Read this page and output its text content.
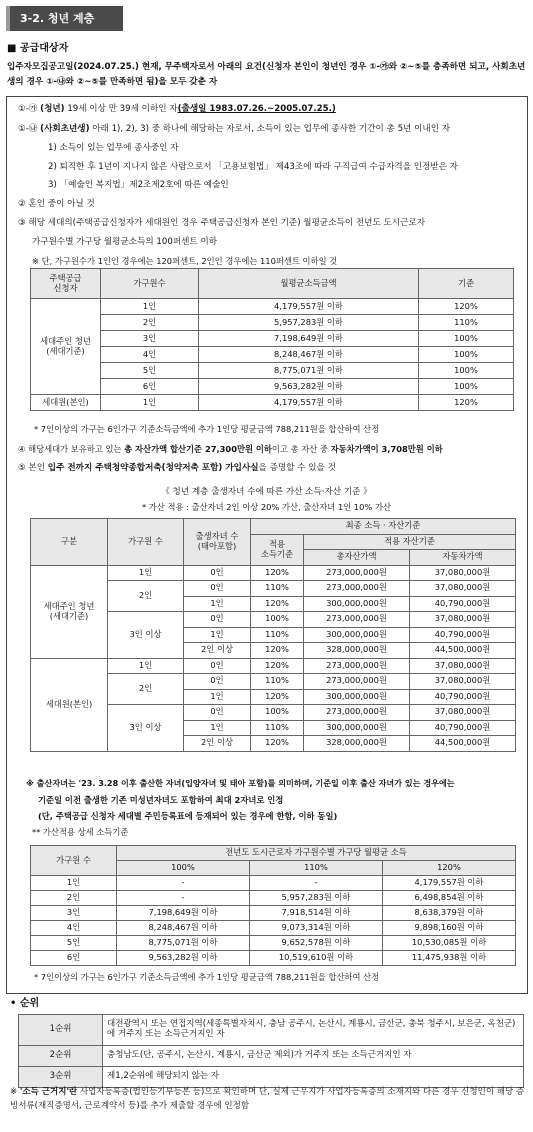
3-2. 청년 계층
■ 공급대상자
입주자모집공고일(2024.07.25.) 현재, 무주택자로서 아래의 요건(신청자 본인이 청년인 경우 ①-㉮와 ②~⑤를 충족하면 되고, 사회초년생의 경우 ①-㉯와 ②~⑤를 만족하면 됨)을 모두 갖춘 자
①-㉮ (청년) 19세 이상 만 39세 이하인 자(출생일 1983.07.26.~2005.07.25.)
①-㉯ (사회초년생) 아래 1), 2), 3) 중 하나에 해당하는 자로서, 소득이 있는 업무에 종사한 기간이 총 5년 이내인 자
1) 소득이 있는 업무에 종사중인 자
2) 퇴직한 후 1년이 지나지 않은 사람으로서 「고용보험법」 제43조에 따라 구직급여 수급자격을 인정받은 자
3) 「예술인 복지법」제2조제2호에 따른 예술인
② 혼인 중이 아닐 것
③ 해당 세대의(주택공급신청자가 세대원인 경우 주택공급신청자 본인 기준) 월평균소득이 전년도 도시근로자
가구원수별 가구당 월평균소득의 100퍼센트 이하
※ 단, 가구원수가 1인인 경우에는 120퍼센트, 2인인 경우에는 110퍼센트 이하일 것
주택공급
신청자	가구원수	월평균소득금액	기준
세대주인 청년
(세대기준)	1인	4,179,557원 이하	120%
	2인	5,957,283원 이하	110%
	3인	7,198,649원 이하	100%
	4인	8,248,467원 이하	100%
	5인	8,775,071원 이하	100%
	6인	9,563,282원 이하	100%
세대원(본인)	1인	4,179,557원 이하	120%
* 7인이상의 가구는 6인가구 기준소득금액에 추가 1인당 평균금액 788,211원을 합산하여 산정
④ 해당세대가 보유하고 있는 총 자산가액 합산기준 27,300만원 이하이고 총 자산 중 자동차가액이 3,708만원 이하
⑤ 본인 입주 전까지 주택청약종합저축(청약저축 포함) 가입사실을 증명할 수 있을 것
《 청년 계층 출생자녀 수에 따른 가산 소득·자산 기준 》
* 가산 적용 : 출산자녀 2인 이상 20% 가산, 출산자녀 1인 10% 가산
구분	가구원 수	출생자녀 수
(태아포함)	최종 소득 · 자산기준		
			적용
소득기준	적용 자산기준	
				총자산가액	자동차가액
세대주인 청년
(세대기준)	1인	0인	120%	273,000,000원	37,080,000원
	2인	0인	110%	273,000,000원	37,080,000원
		1인	120%	300,000,000원	40,790,000원
	3인 이상	0인	100%	273,000,000원	37,080,000원
		1인	110%	300,000,000원	40,790,000원
		2인 이상	120%	328,000,000원	44,500,000원
세대원(본인)	1인	0인	120%	273,000,000원	37,080,000원
	2인	0인	110%	273,000,000원	37,080,000원
		1인	120%	300,000,000원	40,790,000원
	3인 이상	0인	100%	273,000,000원	37,080,000원
		1인	110%	300,000,000원	40,790,000원
		2인 이상	120%	328,000,000원	44,500,000원
※ 출산자녀는 '23. 3.28 이후 출산한 자녀(입양자녀 및 태아 포함)를 의미하며, 기준일 이후 출산 자녀가 있는 경우에는
기준일 이전 출생한 기존 미성년자녀도 포함하여 최대 2자녀로 인정
(단, 주택공급 신청자 세대별 주민등록표에 등재되어 있는 경우에 한함, 이하 동일)
** 가산적용 상세 소득기준
가구원 수	전년도 도시근로자 가구원수별 가구당 월평균 소득		
	100%	110%	120%
1인	-	-	4,179,557원 이하
2인	-	5,957,283원 이하	6,498,854원 이하
3인	7,198,649원 이하	7,918,514원 이하	8,638,379원 이하
4인	8,248,467원 이하	9,073,314원 이하	9,898,160원 이하
5인	8,775,071원 이하	9,652,578원 이하	10,530,085원 이하
6인	9,563,282원 이하	10,519,610원 이하	11,475,938원 이하
* 7인이상의 가구는 6인가구 기준소득금액에 추가 1인당 평균금액 788,211원을 합산하여 산정
• 순위
1순위	대전광역시 또는 연접지역(세종특별자치시, 충남 공주시, 논산시, 계룡시, 금산군, 충북 청주시, 보은군, 옥천군)에 거주지 또는 소득근거지인 자
2순위	충청남도(단, 공주시, 논산시, 계룡시, 금산군 제외)가 거주지 또는 소득근거지인 자
3순위	제1,2순위에 해당되지 않는 자
※ '소득 근거지'란 사업자등록증(법인등기부등본 등)으로 확인하며 단, 실제 근무지가 사업자등록증의 소재지와 다른 경우 신청인이 해당 증빙서류(재직증명서, 근로계약서 등)를 추가 제출할 경우에 인정함
